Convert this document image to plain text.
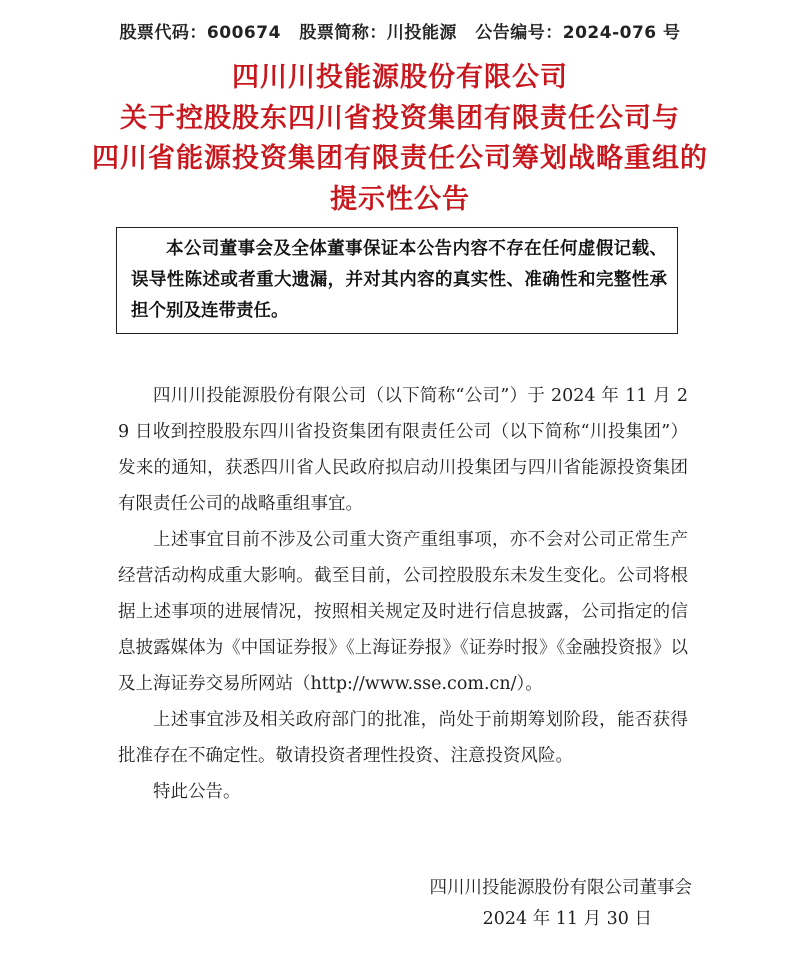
股票代码：600674 股票简称：川投能源 公告编号：2024-076 号
四川川投能源股份有限公司
关于控股股东四川省投资集团有限责任公司与
四川省能源投资集团有限责任公司筹划战略重组的
提示性公告

本公司董事会及全体董事保证本公告内容不存在任何虚假记载、误导性陈述或者重大遗漏，并对其内容的真实性、准确性和完整性承担个别及连带责任。

四川川投能源股份有限公司（以下简称“公司”）于 2024 年 11 月 29 日收到控股股东四川省投资集团有限责任公司（以下简称“川投集团”）发来的通知，获悉四川省人民政府拟启动川投集团与四川省能源投资集团有限责任公司的战略重组事宜。

上述事宜目前不涉及公司重大资产重组事项，亦不会对公司正常生产经营活动构成重大影响。截至目前，公司控股股东未发生变化。公司将根据上述事项的进展情况，按照相关规定及时进行信息披露，公司指定的信息披露媒体为《中国证券报》《上海证券报》《证券时报》《金融投资报》以及上海证券交易所网站（http://www.sse.com.cn/）。

上述事宜涉及相关政府部门的批准，尚处于前期筹划阶段，能否获得批准存在不确定性。敬请投资者理性投资、注意投资风险。

特此公告。

四川川投能源股份有限公司董事会
2024 年 11 月 30 日
